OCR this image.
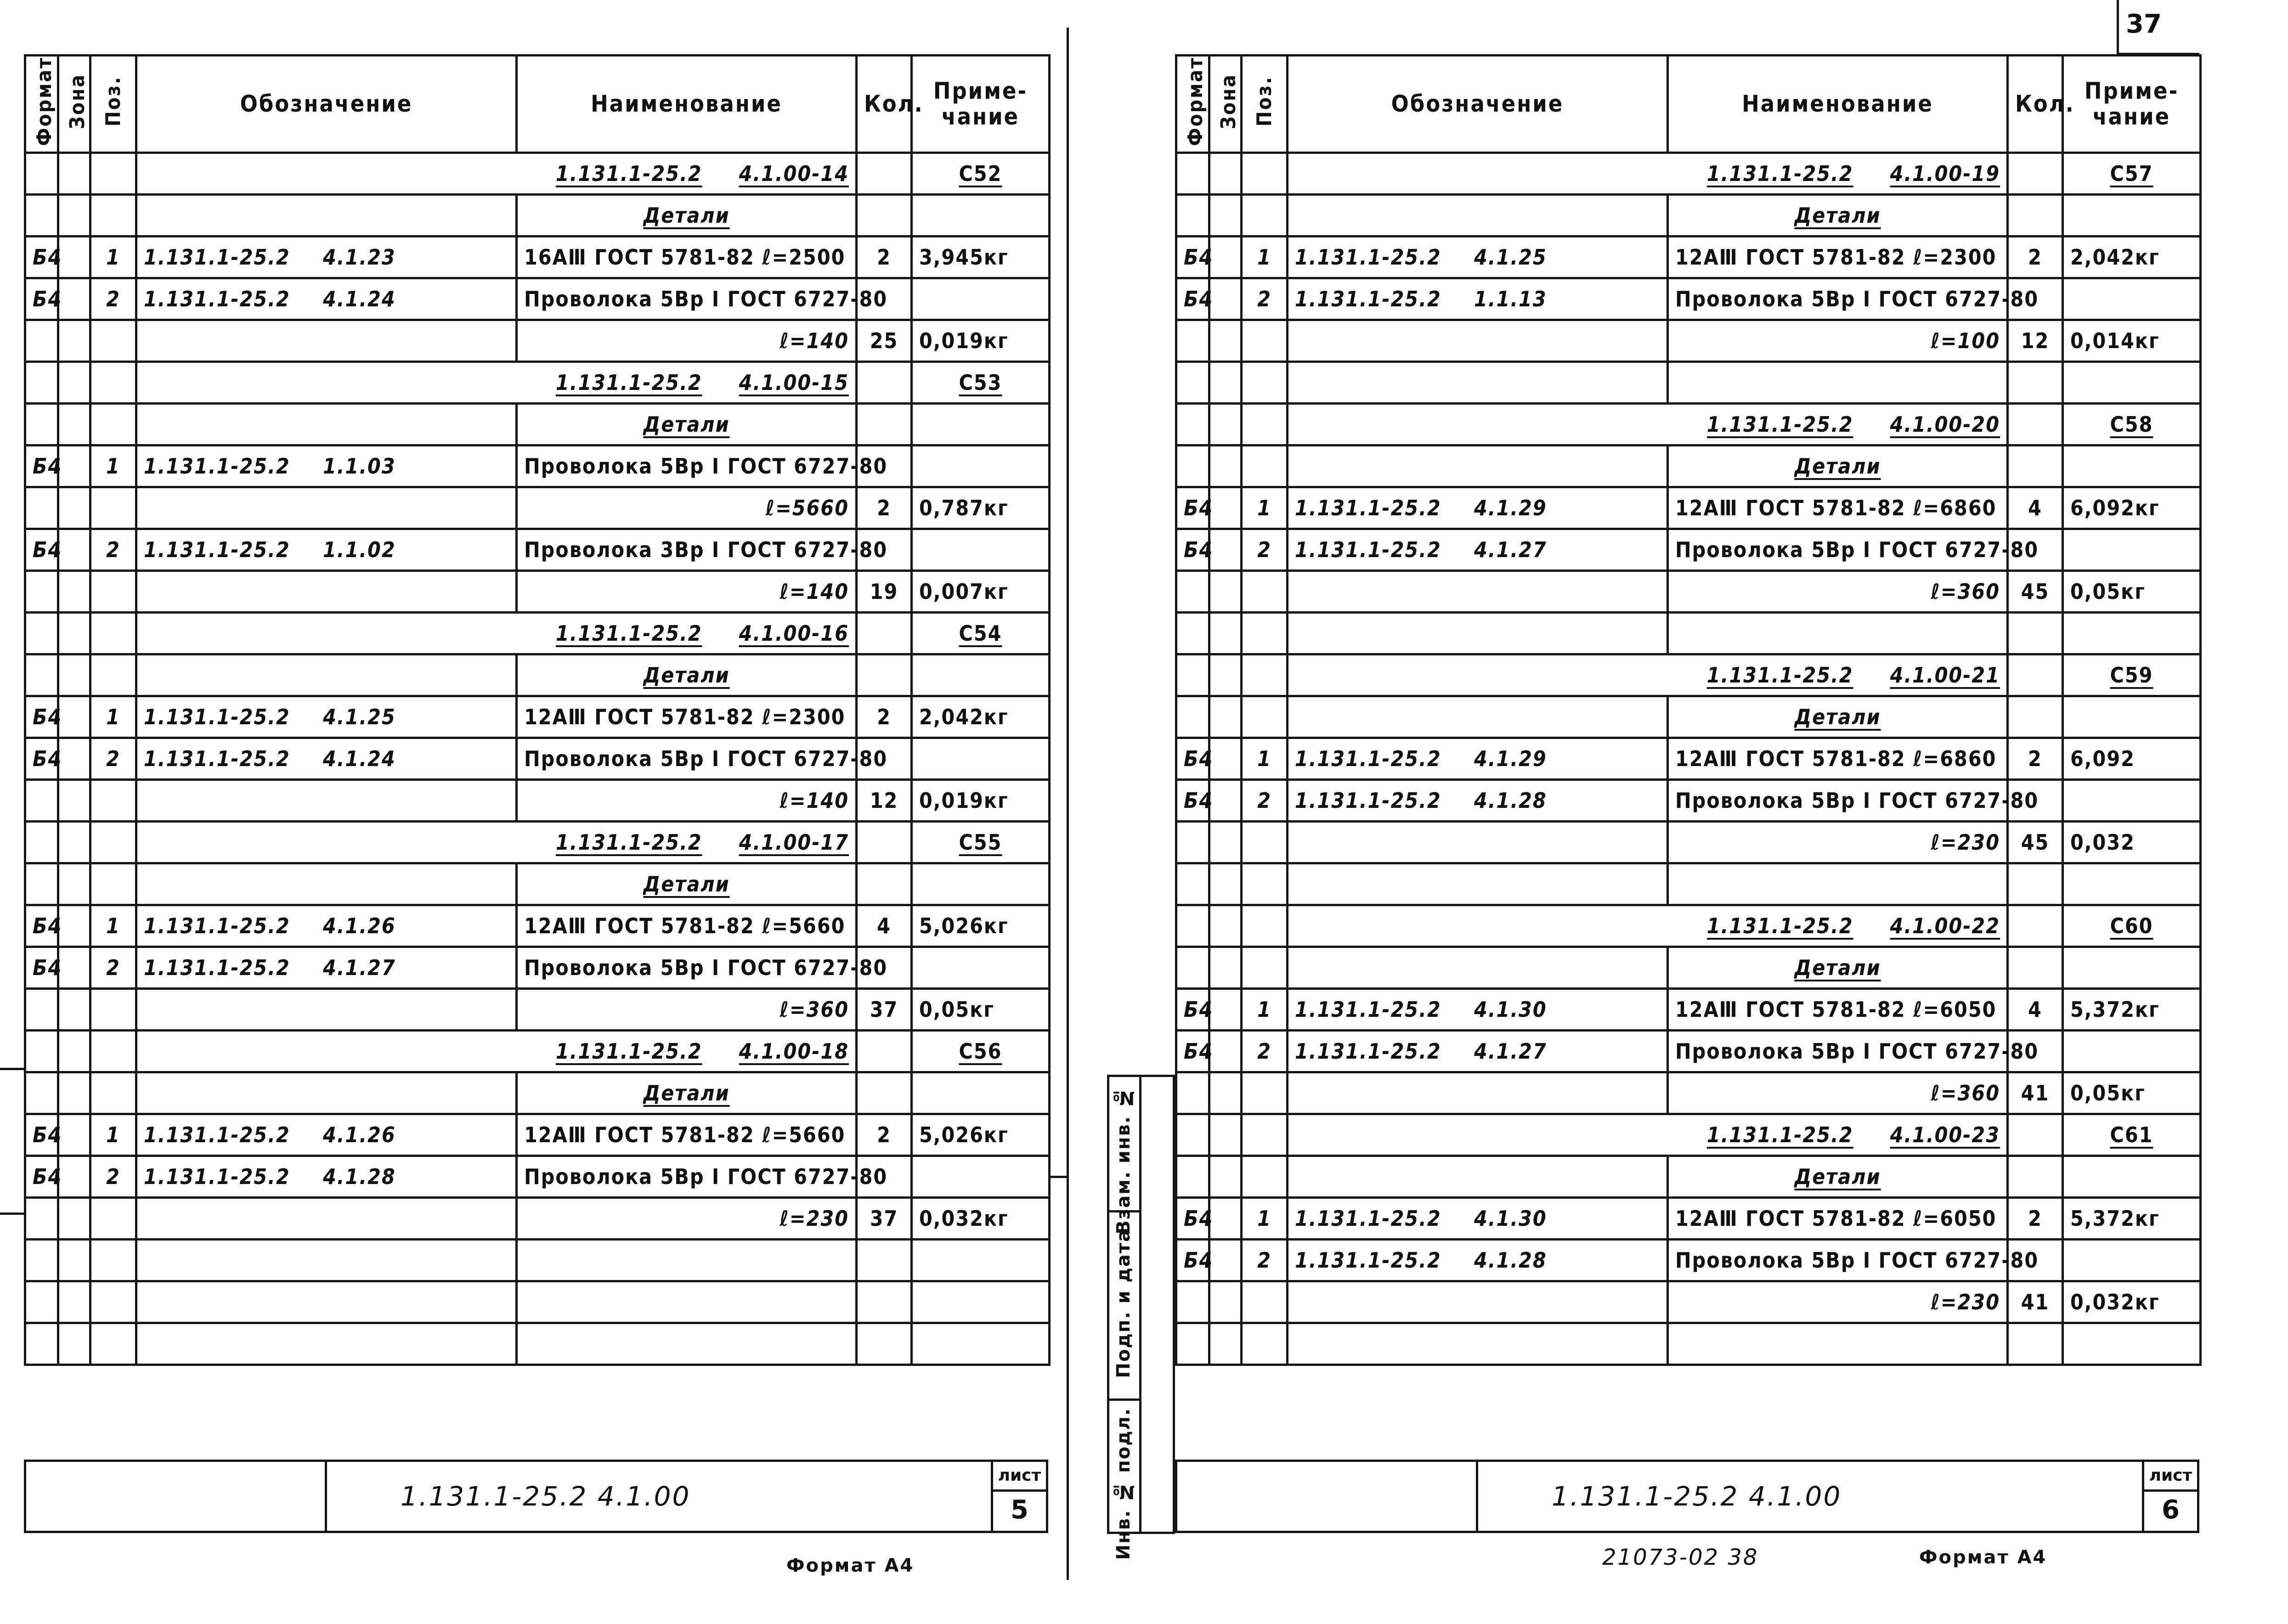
37
Формат	Зона	Поз.	Обозначение	Наименование	Кол.	Приме-
чание
			1.131.1-25.2 4.1.00-14			С52
				Детали		
Б4		1	1.131.1-25.2 4.1.23	16АⅢ ГОСТ 5781-82 ℓ=2500	2	3,945кг
Б4		2	1.131.1-25.2 4.1.24	Проволока 5Вр I ГОСТ 6727-80		
				ℓ=140	25	0,019кг
			1.131.1-25.2 4.1.00-15			С53
				Детали		
Б4		1	1.131.1-25.2 1.1.03	Проволока 5Вр I ГОСТ 6727-80		
				ℓ=5660	2	0,787кг
Б4		2	1.131.1-25.2 1.1.02	Проволока 3Вр I ГОСТ 6727-80		
				ℓ=140	19	0,007кг
			1.131.1-25.2 4.1.00-16			С54
				Детали		
Б4		1	1.131.1-25.2 4.1.25	12АⅢ ГОСТ 5781-82 ℓ=2300	2	2,042кг
Б4		2	1.131.1-25.2 4.1.24	Проволока 5Вр I ГОСТ 6727-80		
				ℓ=140	12	0,019кг
			1.131.1-25.2 4.1.00-17			С55
				Детали		
Б4		1	1.131.1-25.2 4.1.26	12АⅢ ГОСТ 5781-82 ℓ=5660	4	5,026кг
Б4		2	1.131.1-25.2 4.1.27	Проволока 5Вр I ГОСТ 6727-80		
				ℓ=360	37	0,05кг
			1.131.1-25.2 4.1.00-18			С56
				Детали		
Б4		1	1.131.1-25.2 4.1.26	12АⅢ ГОСТ 5781-82 ℓ=5660	2	5,026кг
Б4		2	1.131.1-25.2 4.1.28	Проволока 5Вр I ГОСТ 6727-80		
				ℓ=230	37	0,032кг

1.131.1-25.2 4.1.00
лист
5
Формат А4
Инв. № подл.
Подп. и дата
Взам. инв. №
Формат	Зона	Поз.	Обозначение	Наименование	Кол.	Приме-
чание
			1.131.1-25.2 4.1.00-19			С57
				Детали		
Б4		1	1.131.1-25.2 4.1.25	12АⅢ ГОСТ 5781-82 ℓ=2300	2	2,042кг
Б4		2	1.131.1-25.2 1.1.13	Проволока 5Вр I ГОСТ 6727-80		
				ℓ=100	12	0,014кг

			1.131.1-25.2 4.1.00-20			С58
				Детали		
Б4		1	1.131.1-25.2 4.1.29	12АⅢ ГОСТ 5781-82 ℓ=6860	4	6,092кг
Б4		2	1.131.1-25.2 4.1.27	Проволока 5Вр I ГОСТ 6727-80		
				ℓ=360	45	0,05кг

			1.131.1-25.2 4.1.00-21			С59
				Детали		
Б4		1	1.131.1-25.2 4.1.29	12АⅢ ГОСТ 5781-82 ℓ=6860	2	6,092
Б4		2	1.131.1-25.2 4.1.28	Проволока 5Вр I ГОСТ 6727-80		
				ℓ=230	45	0,032

			1.131.1-25.2 4.1.00-22			С60
				Детали		
Б4		1	1.131.1-25.2 4.1.30	12АⅢ ГОСТ 5781-82 ℓ=6050	4	5,372кг
Б4		2	1.131.1-25.2 4.1.27	Проволока 5Вр I ГОСТ 6727-80		
				ℓ=360	41	0,05кг
			1.131.1-25.2 4.1.00-23			С61
				Детали		
Б4		1	1.131.1-25.2 4.1.30	12АⅢ ГОСТ 5781-82 ℓ=6050	2	5,372кг
Б4		2	1.131.1-25.2 4.1.28	Проволока 5Вр I ГОСТ 6727-80		
				ℓ=230	41	0,032кг

1.131.1-25.2 4.1.00
лист
6
21073-02 38	Формат А4
